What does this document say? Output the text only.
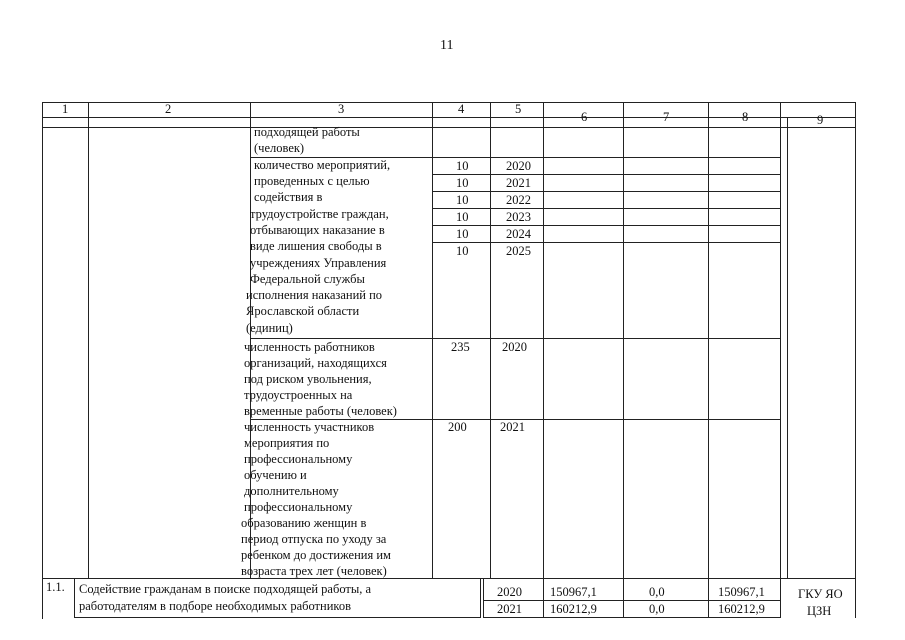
11
1	2	3	4	5
6	7	8	9
подходящей работы
(человек)
количество мероприятий,
проведенных с целью
содействия в
трудоустройстве граждан,
отбывающих наказание в
виде лишения свободы в
учреждениях Управления
Федеральной службы
исполнения наказаний по
Ярославской области
(единиц)
10	2020
10	2021
10	2022
10	2023
10	2024
10	2025
численность работников
организаций, находящихся
под риском увольнения,
трудоустроенных на
временные работы (человек)
235	2020
численность участников
мероприятия по
профессиональному
обучению и
дополнительному
профессиональному
образованию женщин в
период отпуска по уходу за
ребенком до достижения им
возраста трех лет (человек)
200	2021
1.1. Содействие гражданам в поиске подходящей работы, а
работодателям в подборе необходимых работников
2020 150967,1	0,0	150967,1
2021 160212,9	0,0	160212,9
ГКУ ЯО
ЦЗН
